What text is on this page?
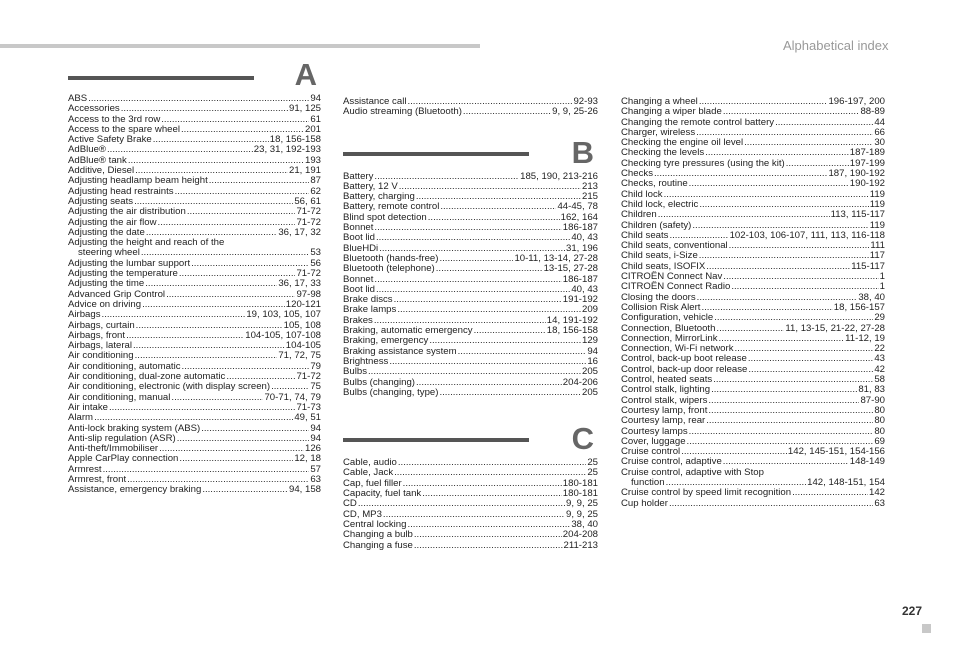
Alphabetical index
A
ABS .....	94
Accessories .....	91, 125
Access to the 3rd row .....	61
Access to the spare wheel .....	201
Active Safety Brake .....	18, 156-158
AdBlue® .....	23, 31, 192-193
AdBlue® tank .....	193
Additive, Diesel .....	21, 191
Adjusting headlamp beam height .....	87
Adjusting head restraints .....	62
Adjusting seats .....	56, 61
Adjusting the air distribution .....	71-72
Adjusting the air flow .....	71-72
Adjusting the date .....	36, 17, 32
Adjusting the height and reach of the
steering wheel .....	53
Adjusting the lumbar support .....	56
Adjusting the temperature .....	71-72
Adjusting the time .....	36, 17, 33
Advanced Grip Control .....	97-98
Advice on driving .....	120-121
Airbags .....	19, 103, 105, 107
Airbags, curtain .....	105, 108
Airbags, front .....	104-105, 107-108
Airbags, lateral .....	104-105
Air conditioning .....	71, 72, 75
Air conditioning, automatic .....	79
Air conditioning, dual-zone automatic .....	71-72
Air conditioning, electronic (with display screen) .....	75
Air conditioning, manual .....	70-71, 74, 79
Air intake .....	71-73
Alarm .....	49, 51
Anti-lock braking system (ABS) .....	94
Anti-slip regulation (ASR) .....	94
Anti-theft/Immobiliser .....	126
Apple CarPlay connection .....	12, 18
Armrest .....	57
Armrest, front .....	63
Assistance, emergency braking .....	94, 158
Assistance call .....	92-93
Audio streaming (Bluetooth) .....	9, 9, 25-26
B
Battery .....	185, 190, 213-216
Battery, 12 V .....	213
Battery, charging .....	215
Battery, remote control .....	44-45, 78
Blind spot detection .....	162, 164
Bonnet .....	186-187
Boot lid .....	40, 43
BlueHDi .....	31, 196
Bluetooth (hands-free) .....	10-11, 13-14, 27-28
Bluetooth (telephone) .....	13-15, 27-28
Bonnet .....	186-187
Boot lid .....	40, 43
Brake discs .....	191-192
Brake lamps .....	209
Brakes .....	14, 191-192
Braking, automatic emergency .....	18, 156-158
Braking, emergency .....	129
Braking assistance system .....	94
Brightness .....	16
Bulbs .....	205
Bulbs (changing) .....	204-206
Bulbs (changing, type) .....	205
C
Cable, audio .....	25
Cable, Jack .....	25
Cap, fuel filler .....	180-181
Capacity, fuel tank .....	180-181
CD .....	9, 9, 25
CD, MP3 .....	9, 9, 25
Central locking .....	38, 40
Changing a bulb .....	204-208
Changing a fuse .....	211-213
Changing a wheel .....	196-197, 200
Changing a wiper blade .....	88-89
Changing the remote control battery .....	44
Charger, wireless .....	66
Checking the engine oil level .....	30
Checking the levels .....	187-189
Checking tyre pressures (using the kit) .....	197-199
Checks .....	187, 190-192
Checks, routine .....	190-192
Child lock .....	119
Child lock, electric .....	119
Children .....	113, 115-117
Children (safety) .....	119
Child seats .....	102-103, 106-107, 111, 113, 116-118
Child seats, conventional .....	111
Child seats, i-Size .....	117
Child seats, ISOFIX .....	115-117
CITROËN Connect Nav .....	1
CITROËN Connect Radio .....	1
Closing the doors .....	38, 40
Collision Risk Alert .....	18, 156-157
Configuration, vehicle .....	29
Connection, Bluetooth .....	11, 13-15, 21-22, 27-28
Connection, MirrorLink .....	11-12, 19
Connection, Wi-Fi network .....	22
Control, back-up boot release .....	43
Control, back-up door release .....	42
Control, heated seats .....	58
Control stalk, lighting .....	81, 83
Control stalk, wipers .....	87-90
Courtesy lamp, front .....	80
Courtesy lamp, rear .....	80
Courtesy lamps .....	80
Cover, luggage .....	69
Cruise control .....	142, 145-151, 154-156
Cruise control, adaptive .....	148-149
Cruise control, adaptive with Stop
function .....	142, 148-151, 154
Cruise control by speed limit recognition .....	142
Cup holder .....	63
227
